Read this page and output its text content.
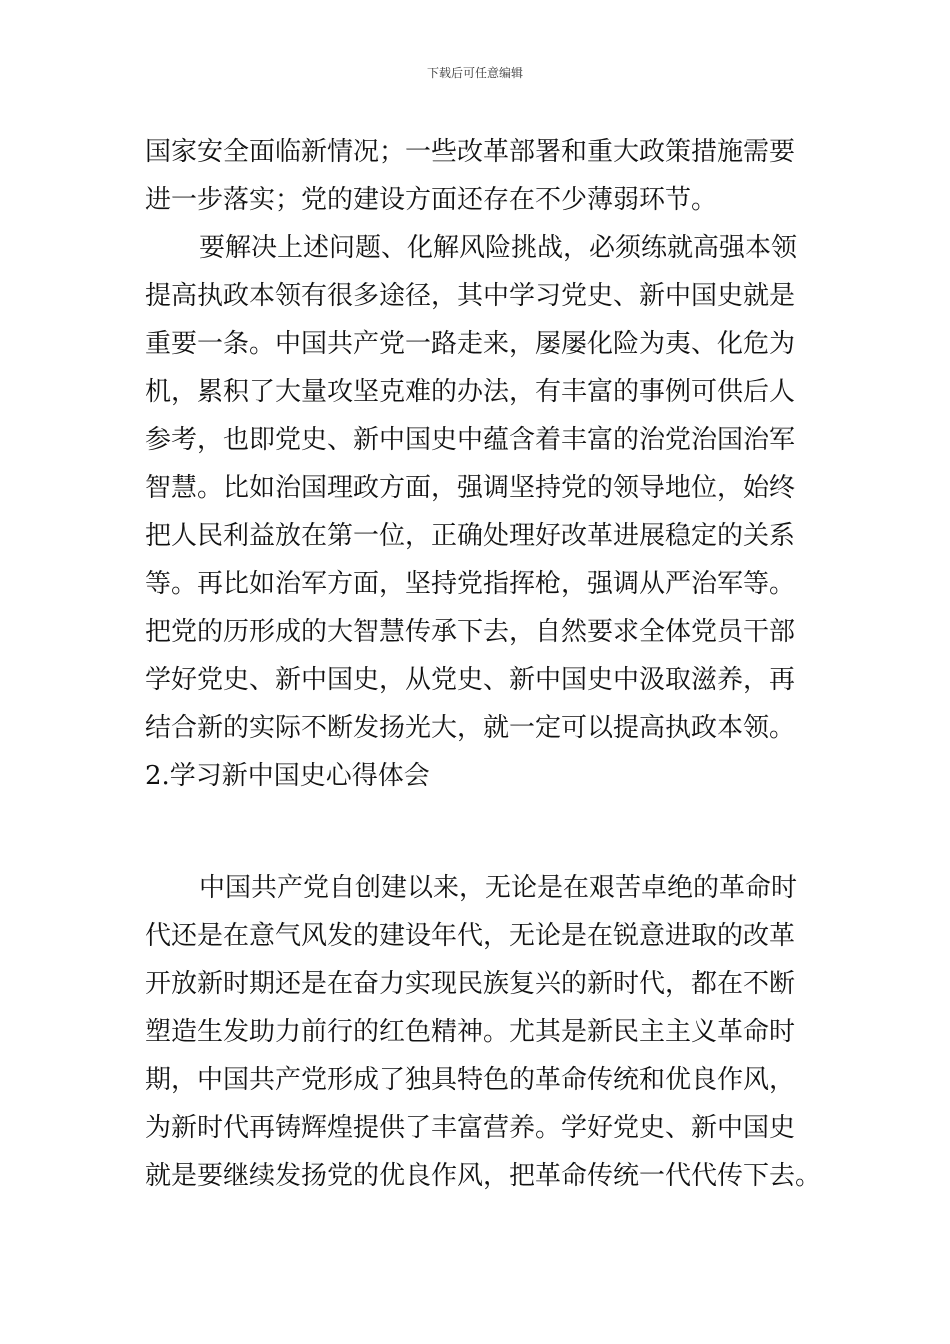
下载后可任意编辑
国家安全面临新情况；一些改革部署和重大政策措施需要
进一步落实；党的建设方面还存在不少薄弱环节。
要解决上述问题、化解风险挑战，必须练就高强本领
提高执政本领有很多途径，其中学习党史、新中国史就是
重要一条。中国共产党一路走来，屡屡化险为夷、化危为
机，累积了大量攻坚克难的办法，有丰富的事例可供后人
参考，也即党史、新中国史中蕴含着丰富的治党治国治军
智慧。比如治国理政方面，强调坚持党的领导地位，始终
把人民利益放在第一位，正确处理好改革进展稳定的关系
等。再比如治军方面，坚持党指挥枪，强调从严治军等。
把党的历形成的大智慧传承下去，自然要求全体党员干部
学好党史、新中国史，从党史、新中国史中汲取滋养，再
结合新的实际不断发扬光大，就一定可以提高执政本领。
2.学习新中国史心得体会
中国共产党自创建以来，无论是在艰苦卓绝的革命时
代还是在意气风发的建设年代，无论是在锐意进取的改革
开放新时期还是在奋力实现民族复兴的新时代，都在不断
塑造生发助力前行的红色精神。尤其是新民主主义革命时
期，中国共产党形成了独具特色的革命传统和优良作风，
为新时代再铸辉煌提供了丰富营养。学好党史、新中国史
就是要继续发扬党的优良作风，把革命传统一代代传下去。
